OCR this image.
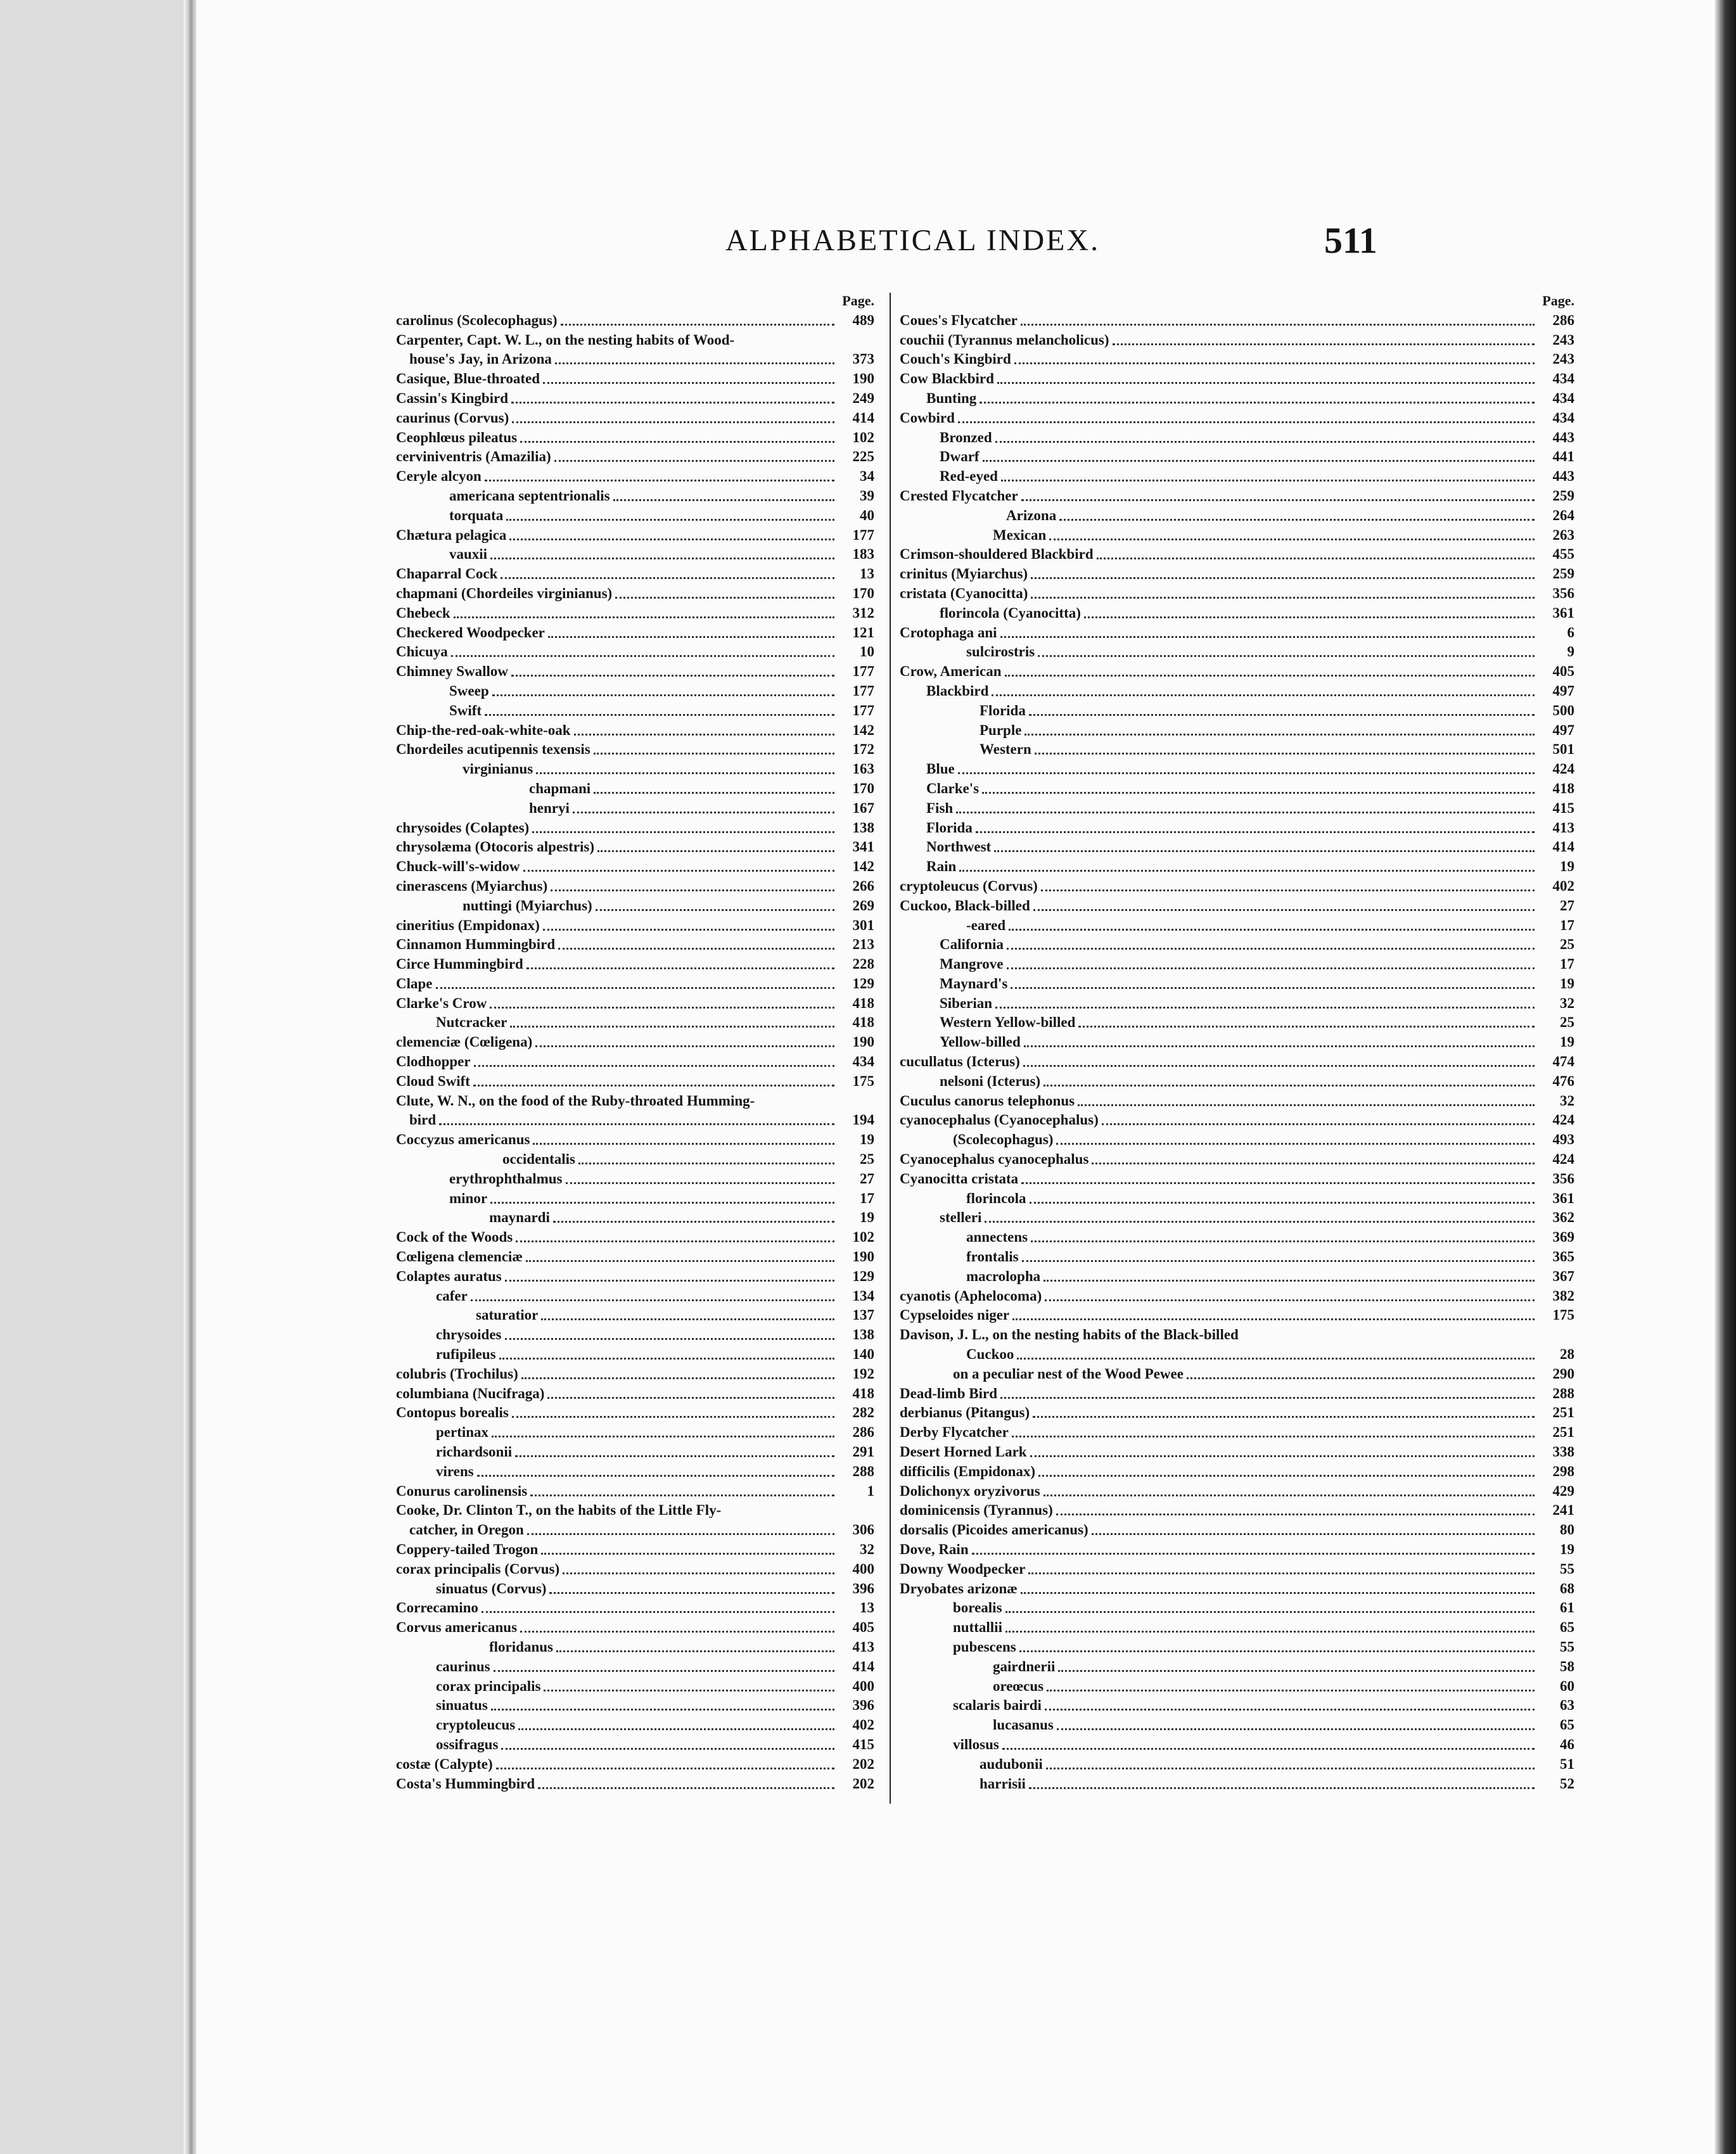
ALPHABETICAL INDEX.	511
Page.
carolinus (Scolecophagus)	489
Carpenter, Capt. W. L., on the nesting habits of Wood-
house's Jay, in Arizona	373
Casique, Blue-throated	190
Cassin's Kingbird	249
caurinus (Corvus)	414
Ceophlœus pileatus	102
cerviniventris (Amazilia)	225
Ceryle alcyon	34
americana septentrionalis	39
torquata	40
Chætura pelagica	177
vauxii	183
Chaparral Cock	13
chapmani (Chordeiles virginianus)	170
Chebeck	312
Checkered Woodpecker	121
Chicuya	10
Chimney Swallow	177
Sweep	177
Swift	177
Chip-the-red-oak-white-oak	142
Chordeiles acutipennis texensis	172
virginianus	163
chapmani	170
henryi	167
chrysoides (Colaptes)	138
chrysolæma (Otocoris alpestris)	341
Chuck-will's-widow	142
cinerascens (Myiarchus)	266
nuttingi (Myiarchus)	269
cineritius (Empidonax)	301
Cinnamon Hummingbird	213
Circe Hummingbird	228
Clape	129
Clarke's Crow	418
Nutcracker	418
clemenciæ (Cœligena)	190
Clodhopper	434
Cloud Swift	175
Clute, W. N., on the food of the Ruby-throated Humming-
bird	194
Coccyzus americanus	19
occidentalis	25
erythrophthalmus	27
minor	17
maynardi	19
Cock of the Woods	102
Cœligena clemenciæ	190
Colaptes auratus	129
cafer	134
saturatior	137
chrysoides	138
rufipileus	140
colubris (Trochilus)	192
columbiana (Nucifraga)	418
Contopus borealis	282
pertinax	286
richardsonii	291
virens	288
Conurus carolinensis	1
Cooke, Dr. Clinton T., on the habits of the Little Fly-
catcher, in Oregon	306
Coppery-tailed Trogon	32
corax principalis (Corvus)	400
sinuatus (Corvus)	396
Correcamino	13
Corvus americanus	405
floridanus	413
caurinus	414
corax principalis	400
sinuatus	396
cryptoleucus	402
ossifragus	415
costæ (Calypte)	202
Costa's Hummingbird	202
Page.
Coues's Flycatcher	286
couchii (Tyrannus melancholicus)	243
Couch's Kingbird	243
Cow Blackbird	434
Bunting	434
Cowbird	434
Bronzed	443
Dwarf	441
Red-eyed	443
Crested Flycatcher	259
Arizona	264
Mexican	263
Crimson-shouldered Blackbird	455
crinitus (Myiarchus)	259
cristata (Cyanocitta)	356
florincola (Cyanocitta)	361
Crotophaga ani	6
sulcirostris	9
Crow, American	405
Blackbird	497
Florida	500
Purple	497
Western	501
Blue	424
Clarke's	418
Fish	415
Florida	413
Northwest	414
Rain	19
cryptoleucus (Corvus)	402
Cuckoo, Black-billed	27
-eared	17
California	25
Mangrove	17
Maynard's	19
Siberian	32
Western Yellow-billed	25
Yellow-billed	19
cucullatus (Icterus)	474
nelsoni (Icterus)	476
Cuculus canorus telephonus	32
cyanocephalus (Cyanocephalus)	424
(Scolecophagus)	493
Cyanocephalus cyanocephalus	424
Cyanocitta cristata	356
florincola	361
stelleri	362
annectens	369
frontalis	365
macrolopha	367
cyanotis (Aphelocoma)	382
Cypseloides niger	175
Davison, J. L., on the nesting habits of the Black-billed
Cuckoo	28
on a peculiar nest of the Wood Pewee	290
Dead-limb Bird	288
derbianus (Pitangus)	251
Derby Flycatcher	251
Desert Horned Lark	338
difficilis (Empidonax)	298
Dolichonyx oryzivorus	429
dominicensis (Tyrannus)	241
dorsalis (Picoides americanus)	80
Dove, Rain	19
Downy Woodpecker	55
Dryobates arizonæ	68
borealis	61
nuttallii	65
pubescens	55
gairdnerii	58
oreœcus	60
scalaris bairdi	63
lucasanus	65
villosus	46
audubonii	51
harrisii	52
